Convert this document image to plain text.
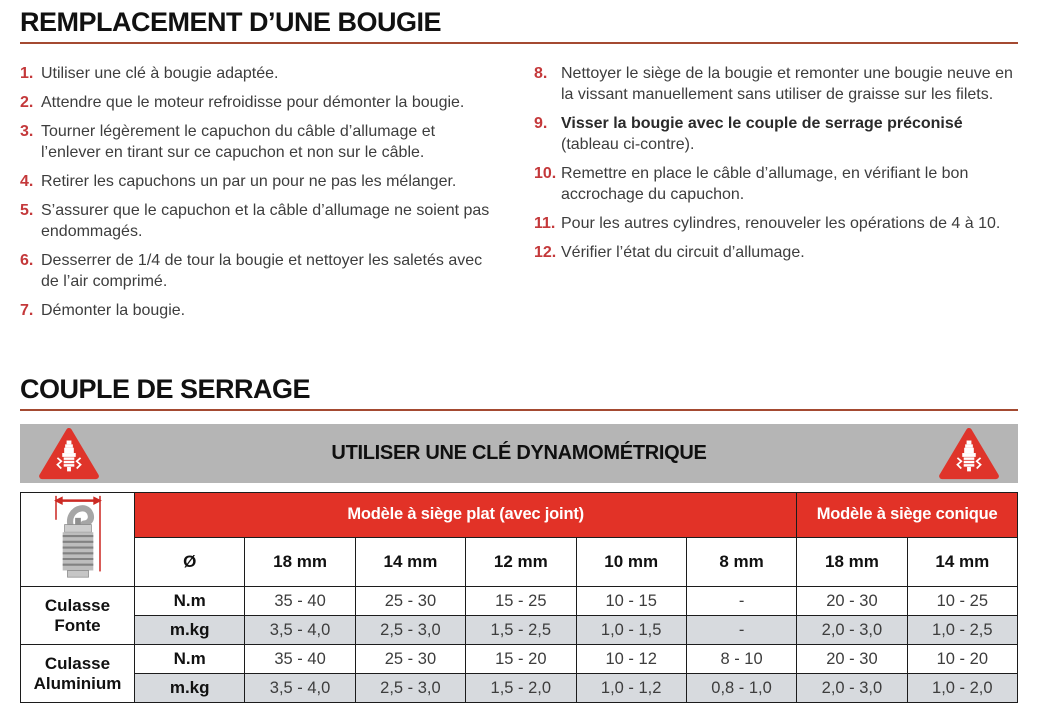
REMPLACEMENT D’UNE BOUGIE
1. Utiliser une clé à bougie adaptée.
2. Attendre que le moteur refroidisse pour démonter la bougie.
3. Tourner légèrement le capuchon du câble d’allumage et l’enlever en tirant sur ce capuchon et non sur le câble.
4. Retirer les capuchons un par un pour ne pas les mélanger.
5. S’assurer que le capuchon et la câble d’allumage ne soient pas endommagés.
6. Desserrer de 1/4 de tour la bougie et nettoyer les saletés avec de l’air comprimé.
7. Démonter la bougie.
8. Nettoyer le siège de la bougie et remonter une bougie neuve en la vissant manuellement sans utiliser de graisse sur les filets.
9. Visser la bougie avec le couple de serrage préconisé (tableau ci-contre).
10. Remettre en place le câble d’allumage, en vérifiant le bon accrochage du capuchon.
11. Pour les autres cylindres, renouveler les opérations de 4 à 10.
12. Vérifier l’état du circuit d’allumage.
COUPLE DE SERRAGE
UTILISER UNE CLÉ DYNAMOMÉTRIQUE
	Modèle à siège plat (avec joint)						Modèle à siège conique	
	Ø	18 mm	14 mm	12 mm	10 mm	8 mm	18 mm	14 mm
Culasse Fonte	N.m	35 - 40	25 - 30	15 - 25	10 - 15	-	20 - 30	10 - 25
	m.kg	3,5 - 4,0	2,5 - 3,0	1,5 - 2,5	1,0 - 1,5	-	2,0 - 3,0	1,0 - 2,5
Culasse Aluminium	N.m	35 - 40	25 - 30	15 - 20	10 - 12	8 - 10	20 - 30	10 - 20
	m.kg	3,5 - 4,0	2,5 - 3,0	1,5 - 2,0	1,0 - 1,2	0,8 - 1,0	2,0 - 3,0	1,0 - 2,0
